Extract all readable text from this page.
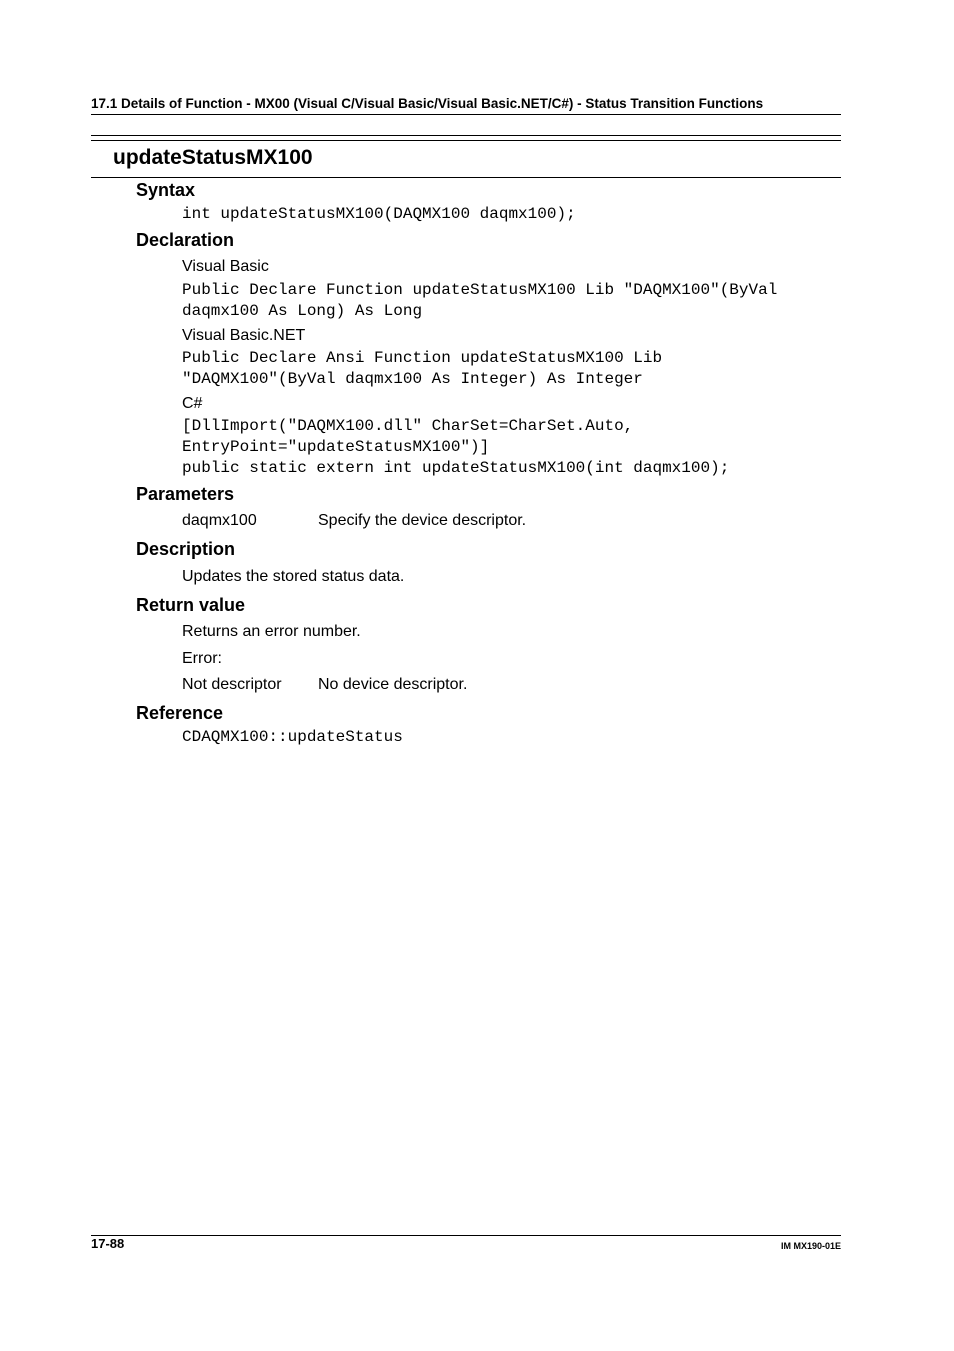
17.1 Details of Function - MX00 (Visual C/Visual Basic/Visual Basic.NET/C#) - Status Transition Functions
updateStatusMX100
Syntax
int updateStatusMX100(DAQMX100 daqmx100);
Declaration
Visual Basic
Public Declare Function updateStatusMX100 Lib "DAQMX100"(ByVal
daqmx100 As Long) As Long
Visual Basic.NET
Public Declare Ansi Function updateStatusMX100 Lib
"DAQMX100"(ByVal daqmx100 As Integer) As Integer
C#
[DllImport("DAQMX100.dll" CharSet=CharSet.Auto,
EntryPoint="updateStatusMX100")]
public static extern int updateStatusMX100(int daqmx100);
Parameters
daqmx100	Specify the device descriptor.
Description
Updates the stored status data.
Return value
Returns an error number.
Error:
Not descriptor No device descriptor.
Reference
CDAQMX100::updateStatus
17-88	IM MX190-01E
